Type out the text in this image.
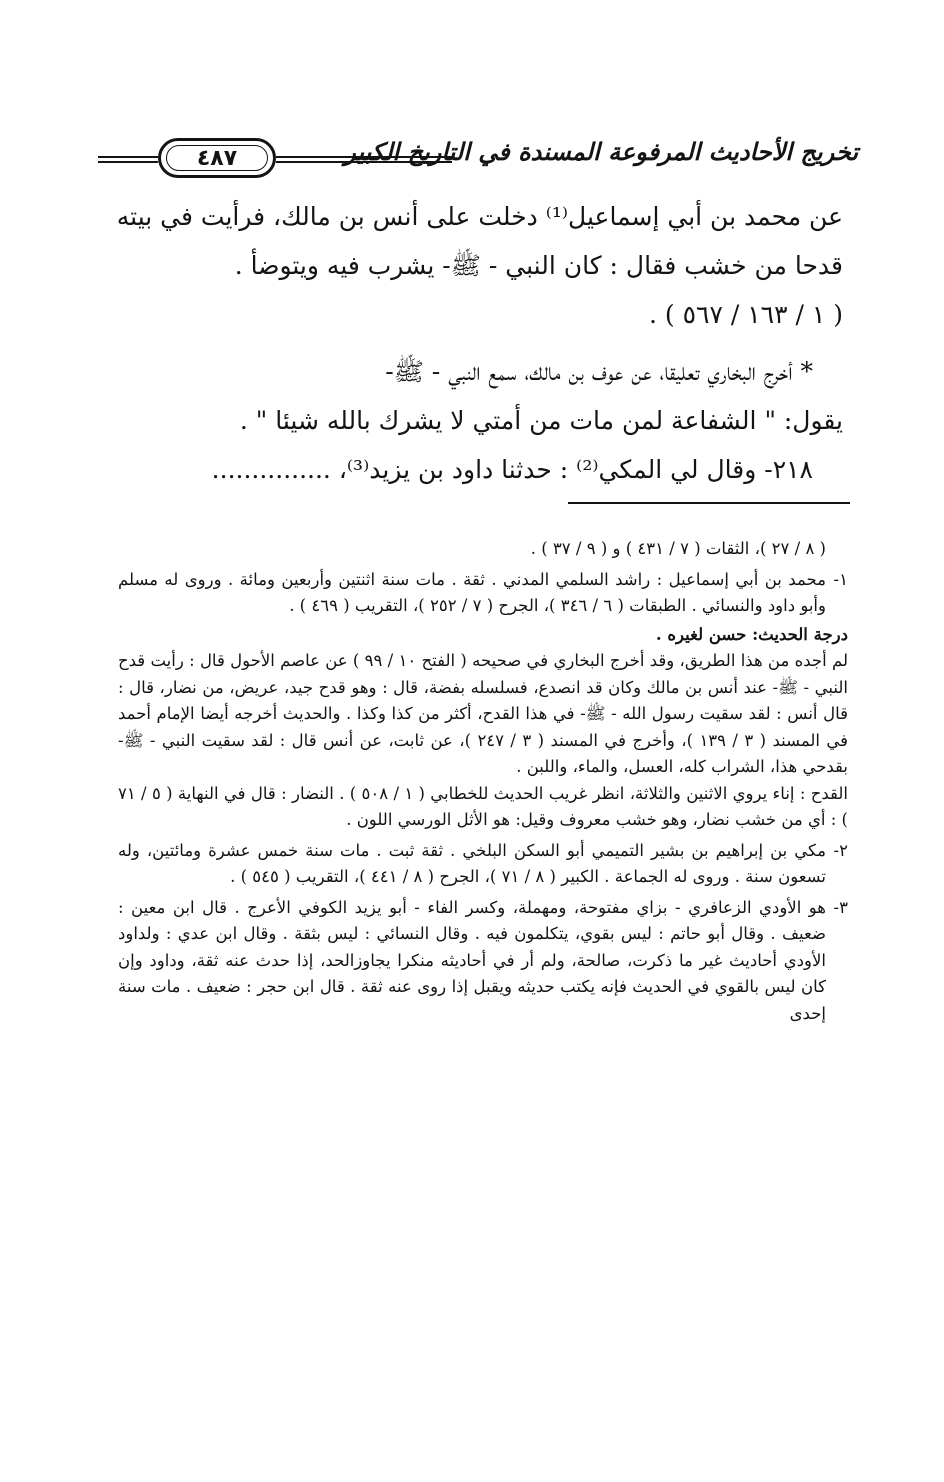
تخريج الأحاديث المرفوعة المسندة في التاريخ الكبير
٤٨٧

عن محمد بن أبي إسماعيل⁽¹⁾ دخلت على أنس بن مالك، فرأيت في بيته

قدحا من خشب فقال : كان النبي - ﷺ- يشرب فيه ويتوضأ .

( ١ / ١٦٣ / ٥٦٧ ) .

* أخرج البخاري تعليقا، عن عوف بن مالك، سمع النبي - ﷺ-

يقول: " الشفاعة لمن مات من أمتي لا يشرك بالله شيئا " .

٢١٨- وقال لي المكي⁽²⁾ : حدثنا داود بن يزيد⁽³⁾، ...............

( ٨ / ٢٧ )، الثقات ( ٧ / ٤٣١ ) و ( ٩ / ٣٧ ) .

١-
محمد بن أبي إسماعيل : راشد السلمي المدني . ثقة . مات سنة اثنتين وأربعين ومائة . وروى له مسلم وأبو داود والنسائي . الطبقات ( ٦ / ٣٤٦ )، الجرح ( ٧ / ٢٥٢ )، التقريب ( ٤٦٩ ) .

درجة الحديث: حسن لغيره .

لم أجده من هذا الطريق، وقد أخرج البخاري في صحيحه ( الفتح ١٠ / ٩٩ ) عن عاصم الأحول قال : رأيت قدح النبي - ﷺ- عند أنس بن مالك وكان قد انصدع، فسلسله بفضة، قال : وهو قدح جيد، عريض، من نضار، قال : قال أنس : لقد سقيت رسول الله - ﷺ- في هذا القدح، أكثر من كذا وكذا . والحديث أخرجه أيضا الإمام أحمد في المسند ( ٣ / ١٣٩ )، وأخرج في المسند ( ٣ / ٢٤٧ )، عن ثابت، عن أنس قال : لقد سقيت النبي - ﷺ- بقدحي هذا، الشراب كله، العسل، والماء، واللبن .

القدح : إناء يروي الاثنين والثلاثة، انظر غريب الحديث للخطابي ( ١ / ٥٠٨ ) . النضار : قال في النهاية ( ٥ / ٧١ ) : أي من خشب نضار، وهو خشب معروف وقيل: هو الأثل الورسي اللون .

٢-
مكي بن إبراهيم بن بشير التميمي أبو السكن البلخي . ثقة ثبت . مات سنة خمس عشرة ومائتين، وله تسعون سنة . وروى له الجماعة . الكبير ( ٨ / ٧١ )، الجرح ( ٨ / ٤٤١ )، التقريب ( ٥٤٥ ) .

٣-
هو الأودي الزعافري - بزاي مفتوحة، ومهملة، وكسر الفاء - أبو يزيد الكوفي الأعرج . قال ابن معين : ضعيف . وقال أبو حاتم : ليس بقوي، يتكلمون فيه . وقال النسائي : ليس بثقة . وقال ابن عدي : ولداود الأودي أحاديث غير ما ذكرت، صالحة، ولم أر في أحاديثه منكرا يجاوزالحد، إذا حدث عنه ثقة، وداود وإن كان ليس بالقوي في الحديث فإنه يكتب حديثه ويقبل إذا روى عنه ثقة . قال ابن حجر : ضعيف . مات سنة إحدى
